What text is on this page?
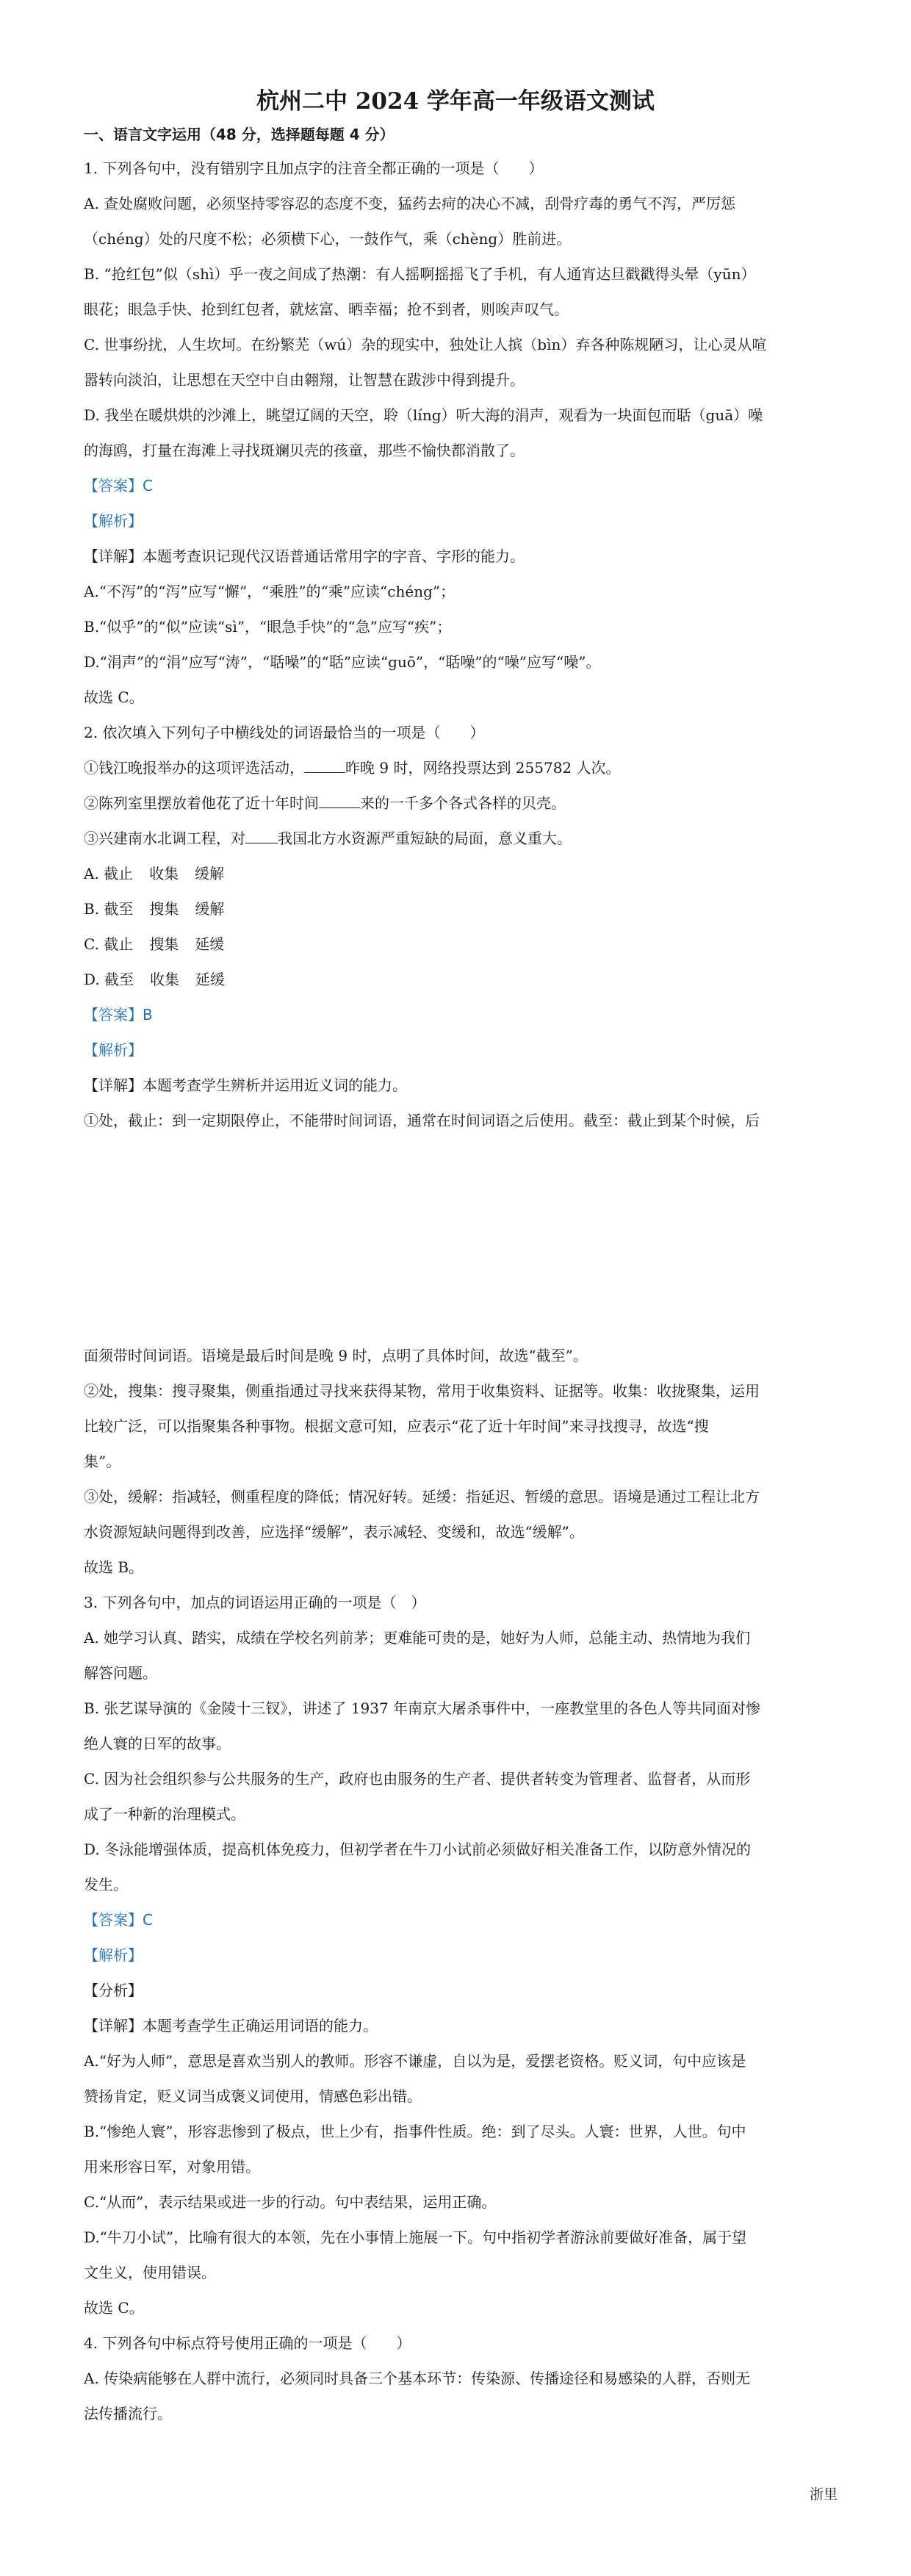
杭州二中 2024 学年高一年级语文测试
一、语言文字运用（48 分，选择题每题 4 分）
1. 下列各句中，没有错别字且加点字的注音全都正确的一项是（　　）
A. 查处腐败问题，必须坚持零容忍的态度不变，猛药去疴的决心不减，刮骨疗毒的勇气不泻，严厉惩
（chéng）处的尺度不松；必须横下心，一鼓作气，乘（chèng）胜前进。
B. “抢红包”似（shì）乎一夜之间成了热潮：有人摇啊摇摇飞了手机，有人通宵达旦戳戳得头晕（yūn）
眼花；眼急手快、抢到红包者，就炫富、晒幸福；抢不到者，则唉声叹气。
C. 世事纷扰，人生坎坷。在纷繁芜（wú）杂的现实中，独处让人摈（bìn）弃各种陈规陋习，让心灵从喧
嚣转向淡泊，让思想在天空中自由翱翔，让智慧在跋涉中得到提升。
D. 我坐在暖烘烘的沙滩上，眺望辽阔的天空，聆（líng）听大海的涓声，观看为一块面包而聒（guā）噪
的海鸥，打量在海滩上寻找斑斓贝壳的孩童，那些不愉快都消散了。
【答案】C
【解析】
【详解】本题考查识记现代汉语普通话常用字的字音、字形的能力。
A.“不泻”的“泻”应写“懈”，“乘胜”的“乘”应读“chéng”；
B.“似乎”的“似”应读“sì”，“眼急手快”的“急”应写“疾”；
D.“涓声”的“涓”应写“涛”，“聒噪”的“聒”应读“guō”，“聒噪”的“噪”应写“噪”。
故选 C。
2. 依次填入下列句子中横线处的词语最恰当的一项是（　　）
①钱江晚报举办的这项评选活动，	昨晚 9 时，网络投票达到 255782 人次。
②陈列室里摆放着他花了近十年时间	来的一千多个各式各样的贝壳。
③兴建南水北调工程，对 我国北方水资源严重短缺的局面，意义重大。
A. 截止 收集 缓解
B. 截至 搜集 缓解
C. 截止 搜集 延缓
D. 截至 收集 延缓
【答案】B
【解析】
【详解】本题考查学生辨析并运用近义词的能力。
①处，截止：到一定期限停止，不能带时间词语，通常在时间词语之后使用。截至：截止到某个时候，后
面须带时间词语。语境是最后时间是晚 9 时，点明了具体时间，故选“截至”。
②处，搜集：搜寻聚集，侧重指通过寻找来获得某物，常用于收集资料、证据等。收集：收拢聚集，运用
比较广泛，可以指聚集各种事物。根据文意可知，应表示“花了近十年时间”来寻找搜寻，故选“搜
集”。
③处，缓解：指减轻，侧重程度的降低；情况好转。延缓：指延迟、暂缓的意思。语境是通过工程让北方
水资源短缺问题得到改善，应选择“缓解”，表示减轻、变缓和，故选“缓解”。
故选 B。
3. 下列各句中，加点的词语运用正确的一项是（　）
A. 她学习认真、踏实，成绩在学校名列前茅；更难能可贵的是，她好为人师，总能主动、热情地为我们
解答问题。
B. 张艺谋导演的《金陵十三钗》，讲述了 1937 年南京大屠杀事件中，一座教堂里的各色人等共同面对惨
绝人寰的日军的故事。
C. 因为社会组织参与公共服务的生产，政府也由服务的生产者、提供者转变为管理者、监督者，从而形
成了一种新的治理模式。
D. 冬泳能增强体质，提高机体免疫力，但初学者在牛刀小试前必须做好相关准备工作，以防意外情况的
发生。
【答案】C
【解析】
【分析】
【详解】本题考查学生正确运用词语的能力。
A.“好为人师”，意思是喜欢当别人的教师。形容不谦虚，自以为是，爱摆老资格。贬义词，句中应该是
赞扬肯定，贬义词当成褒义词使用，情感色彩出错。
B.“惨绝人寰”，形容悲惨到了极点，世上少有，指事件性质。绝：到了尽头。人寰：世界，人世。句中
用来形容日军，对象用错。
C.“从而”，表示结果或进一步的行动。句中表结果，运用正确。
D.“牛刀小试”，比喻有很大的本领，先在小事情上施展一下。句中指初学者游泳前要做好准备，属于望
文生义，使用错误。
故选 C。
4. 下列各句中标点符号使用正确的一项是（　　）
A. 传染病能够在人群中流行，必须同时具备三个基本环节：传染源、传播途径和易感染的人群，否则无
法传播流行。
浙里
